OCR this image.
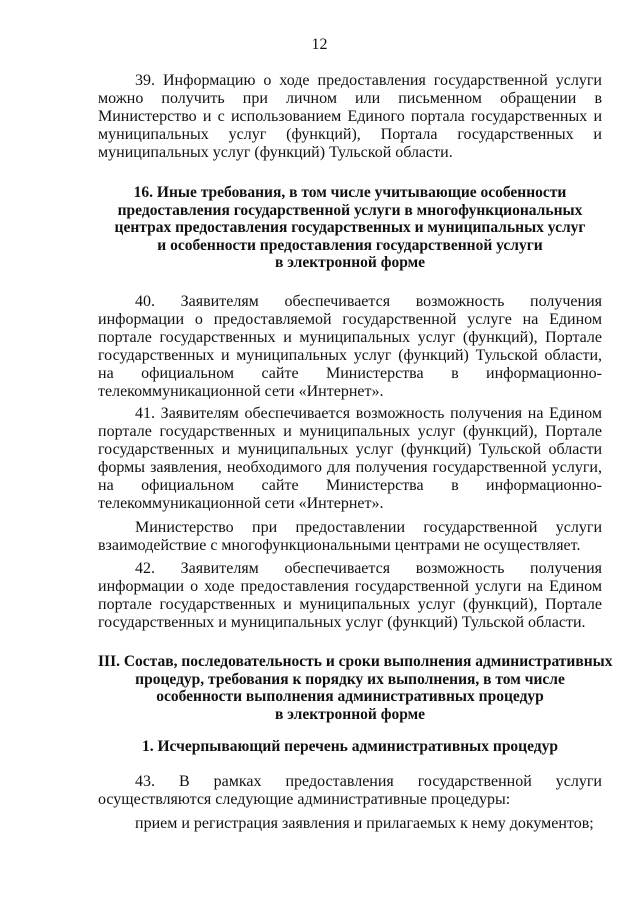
12

39. Информацию о ходе предоставления государственной услуги можно получить при личном или письменном обращении в Министерство и с использованием Единого портала государственных и муниципальных услуг (функций), Портала государственных и муниципальных услуг (функций) Тульской области.

16. Иные требования, в том числе учитывающие особенности
предоставления государственной услуги в многофункциональных
центрах предоставления государственных и муниципальных услуг
и особенности предоставления государственной услуги
в электронной форме

40. Заявителям обеспечивается возможность получения информации о предоставляемой государственной услуге на Едином портале государственных и муниципальных услуг (функций), Портале государственных и муниципальных услуг (функций) Тульской области, на официальном сайте Министерства в информационно-телекоммуникационной сети «Интернет».

41. Заявителям обеспечивается возможность получения на Едином портале государственных и муниципальных услуг (функций), Портале государственных и муниципальных услуг (функций) Тульской области формы заявления, необходимого для получения государственной услуги, на официальном сайте Министерства в информационно-телекоммуникационной сети «Интернет».

Министерство при предоставлении государственной услуги взаимодействие с многофункциональными центрами не осуществляет.

42. Заявителям обеспечивается возможность получения информации о ходе предоставления государственной услуги на Едином портале государственных и муниципальных услуг (функций), Портале государственных и муниципальных услуг (функций) Тульской области.

III. Состав, последовательность и сроки выполнения административных
процедур, требования к порядку их выполнения, в том числе
особенности выполнения административных процедур
в электронной форме
1. Исчерпывающий перечень административных процедур

43. В рамках предоставления государственной услуги осуществляются следующие административные процедуры:

прием и регистрация заявления и прилагаемых к нему документов;
